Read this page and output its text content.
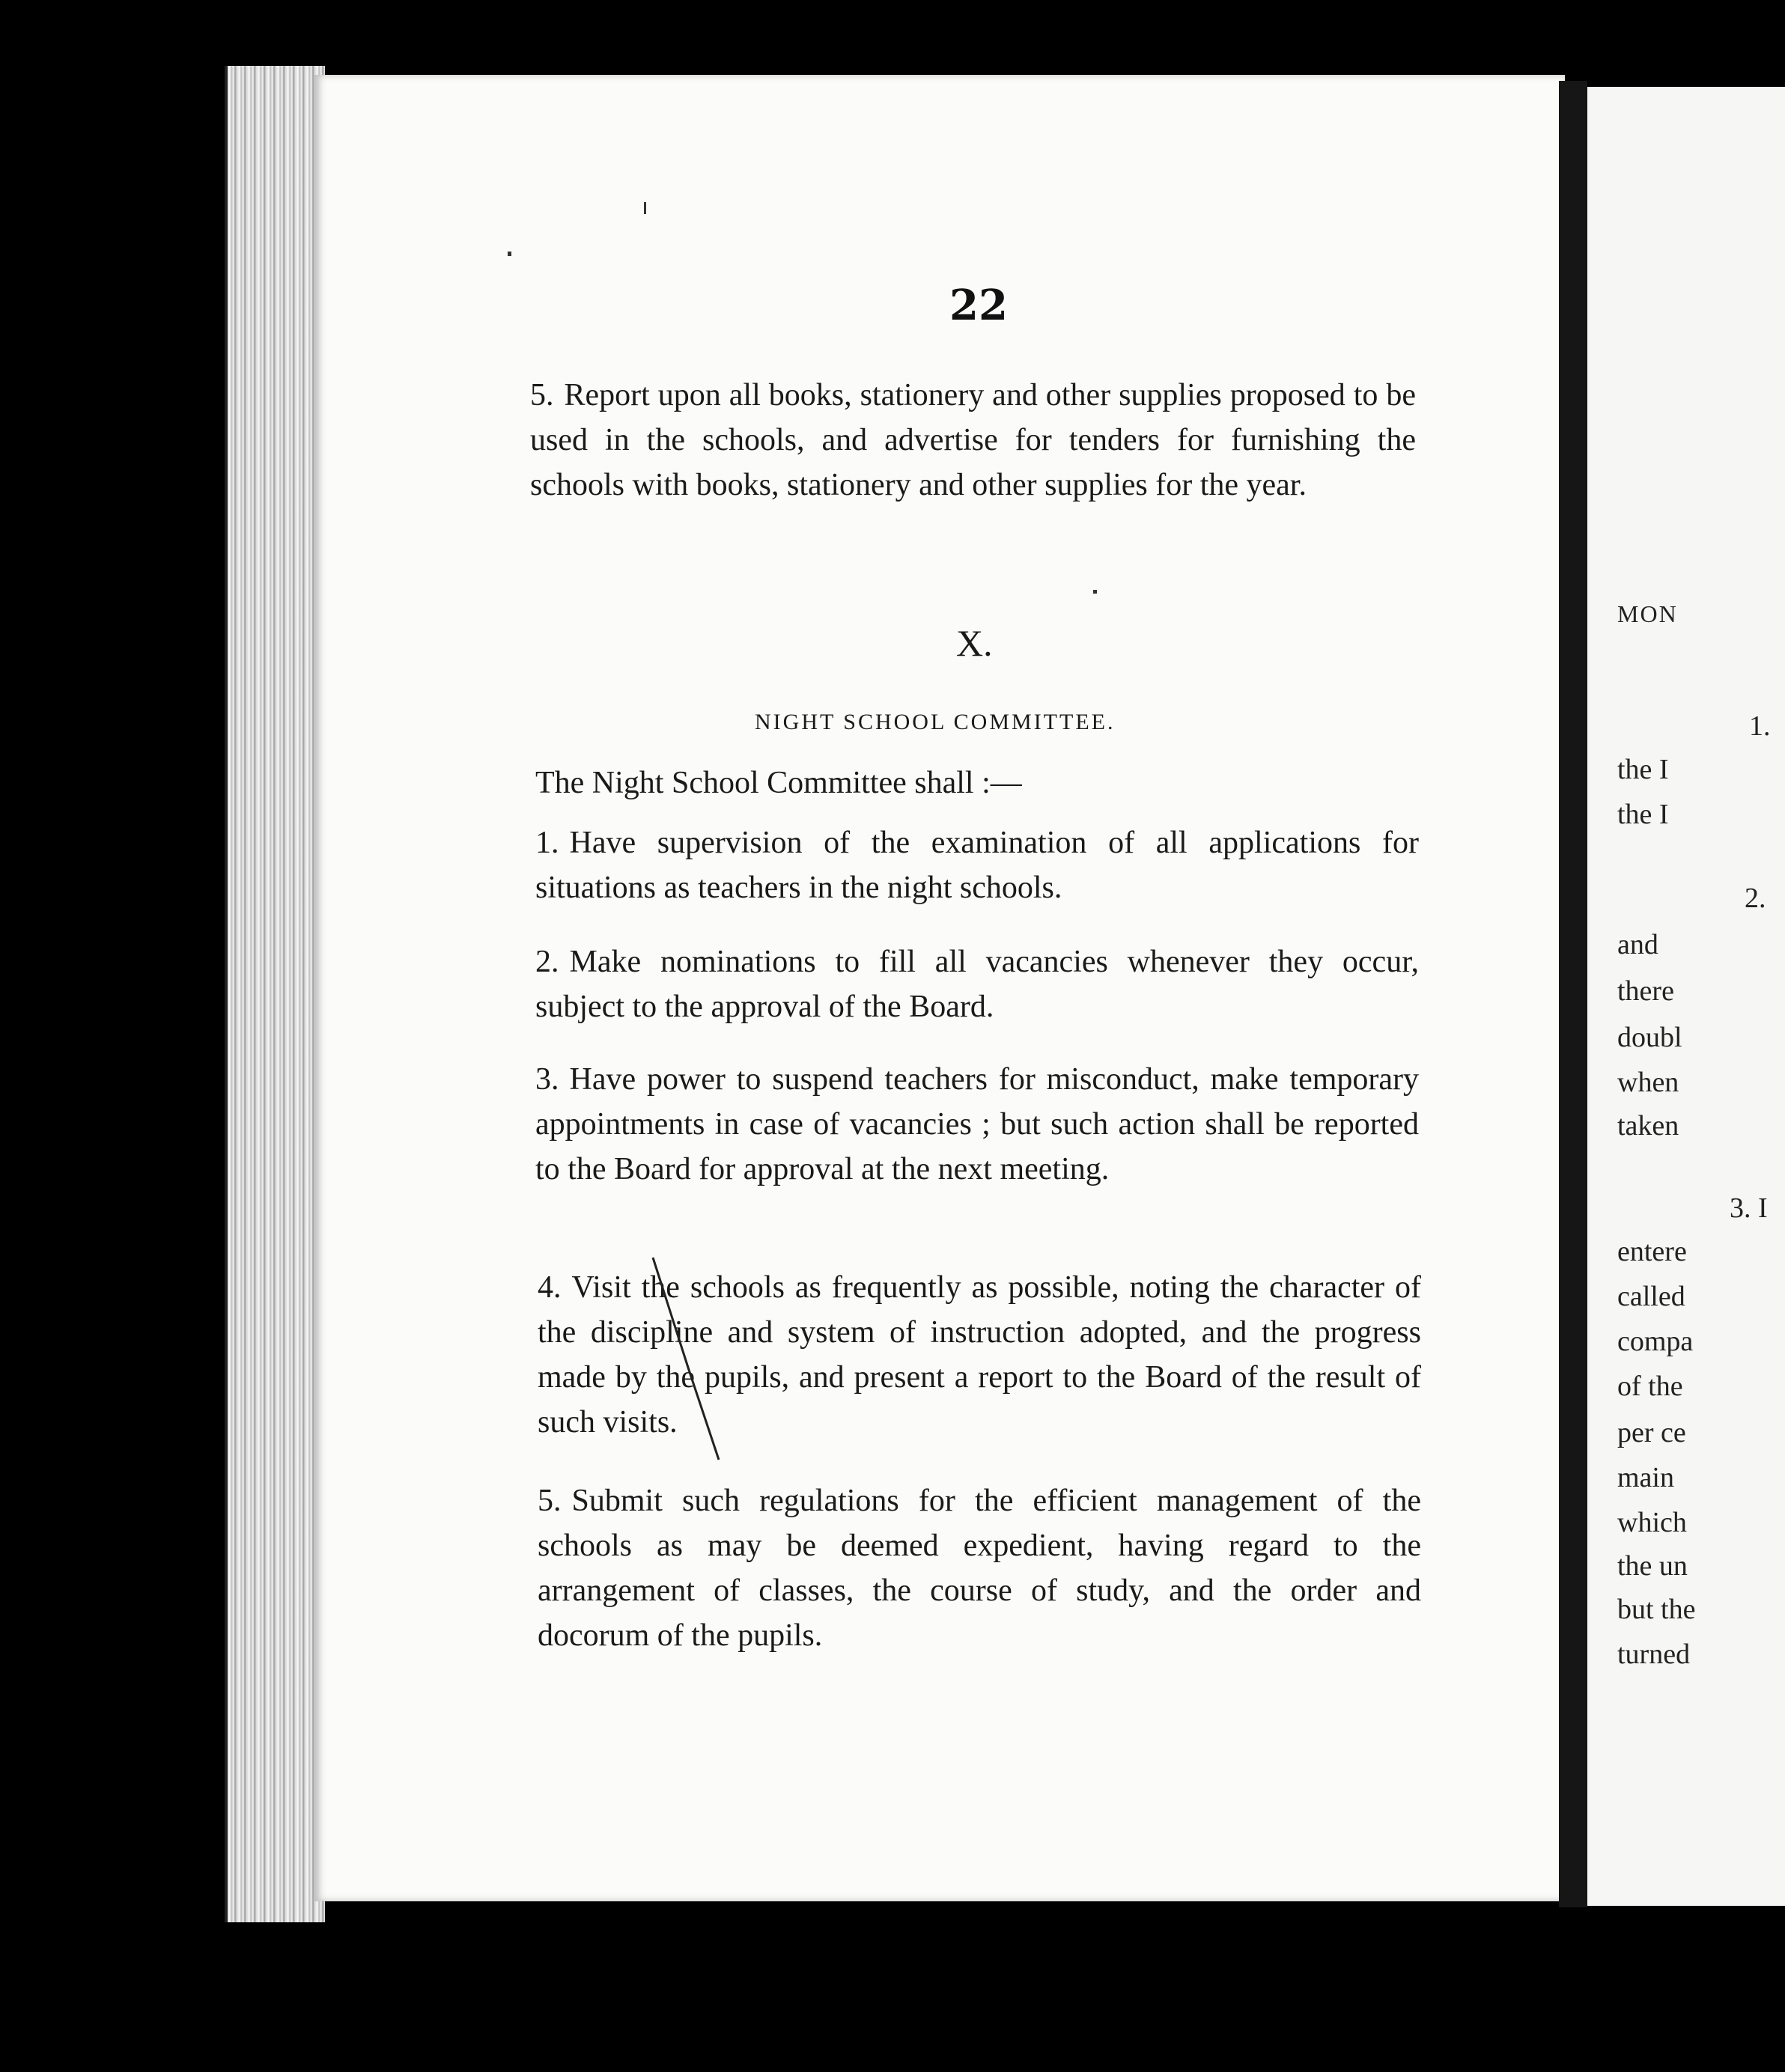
22

5. Report upon all books, stationery and other supplies proposed to be used in the schools, and advertise for tenders for furnishing the schools with books, stationery and other supplies for the year.

X.
NIGHT SCHOOL COMMITTEE.
The Night School Committee shall :—

1. Have supervision of the examination of all applications for situations as teachers in the night schools.

2. Make nominations to fill all vacancies whenever they occur, subject to the approval of the Board.

3. Have power to suspend teachers for misconduct, make temporary appointments in case of vacancies ; but such action shall be reported to the Board for approval at the next meeting.

4. Visit the schools as frequently as possible, noting the character of the discipline and system of instruction adopted, and the progress made by the pupils, and present a report to the Board of the result of such visits.

5. Submit such regulations for the efficient management of the schools as may be deemed expedient, having regard to the arrangement of classes, the course of study, and the order and docorum of the pupils.

MON
1.
the I
the I
2.
and
there
doubl
when
taken
3. I
entere
called
compa
of the
per ce
main
which
the un
but the
turned
